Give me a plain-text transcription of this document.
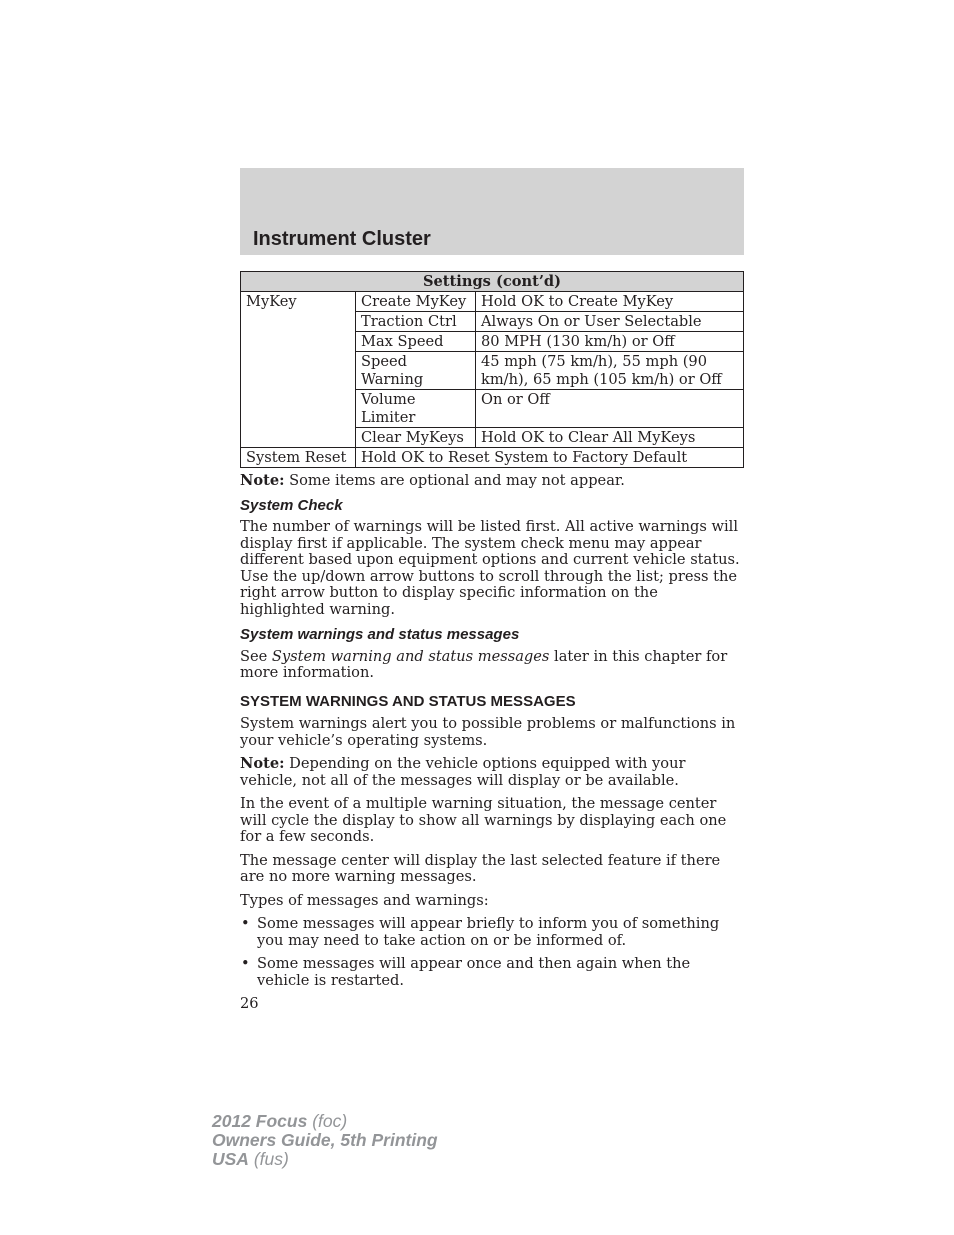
Instrument Cluster
Settings (cont’d)		
MyKey	Create MyKey	Hold OK to Create MyKey
	Traction Ctrl	Always On or User Selectable
	Max Speed	80 MPH (130 km/h) or Off
	Speed Warning	45 mph (75 km/h), 55 mph (90 km/h), 65 mph (105 km/h) or Off
	Volume Limiter	On or Off
	Clear MyKeys	Hold OK to Clear All MyKeys
System Reset	Hold OK to Reset System to Factory Default	

Note: Some items are optional and may not appear.

System Check

The number of warnings will be listed first. All active warnings will display first if applicable. The system check menu may appear different based upon equipment options and current vehicle status. Use the up/down arrow buttons to scroll through the list; press the right arrow button to display specific information on the highlighted warning.

System warnings and status messages

See System warning and status messages later in this chapter for more information.

SYSTEM WARNINGS AND STATUS MESSAGES

System warnings alert you to possible problems or malfunctions in your vehicle’s operating systems.

Note: Depending on the vehicle options equipped with your vehicle, not all of the messages will display or be available.

In the event of a multiple warning situation, the message center will cycle the display to show all warnings by displaying each one for a few seconds.

The message center will display the last selected feature if there are no more warning messages.

Types of messages and warnings:

• Some messages will appear briefly to inform you of something you may need to take action on or be informed of.
• Some messages will appear once and then again when the vehicle is restarted.
26
2012 Focus (foc)
Owners Guide, 5th Printing
USA (fus)
